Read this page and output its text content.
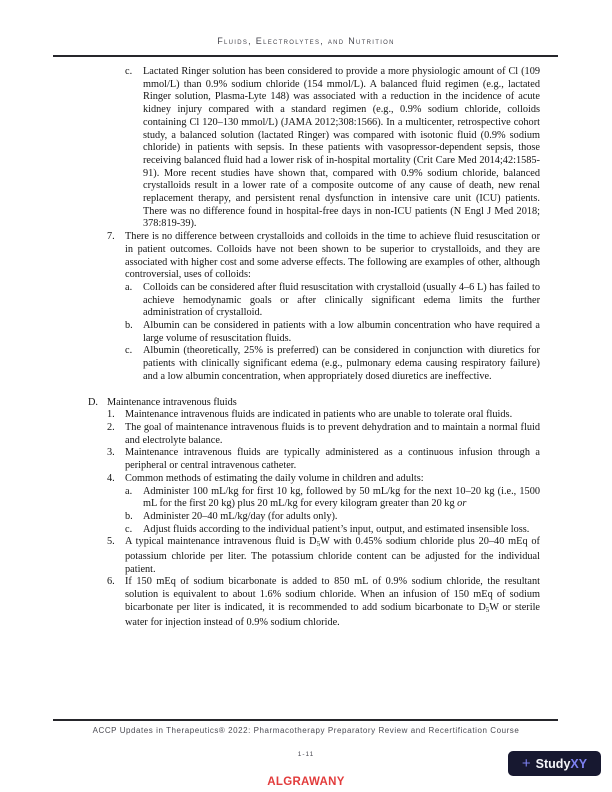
Fluids, Electrolytes, and Nutrition
c. Lactated Ringer solution has been considered to provide a more physiologic amount of Cl (109 mmol/L) than 0.9% sodium chloride (154 mmol/L). A balanced fluid regimen (e.g., lactated Ringer solution, Plasma-Lyte 148) was associated with a reduction in the incidence of acute kidney injury compared with a standard regimen (e.g., 0.9% sodium chloride, colloids containing Cl 120–130 mmol/L) (JAMA 2012;308:1566). In a multicenter, retrospective cohort study, a balanced solution (lactated Ringer) was compared with isotonic fluid (0.9% sodium chloride) in patients with sepsis. In these patients with vasopressor-dependent sepsis, those receiving balanced fluid had a lower risk of in-hospital mortality (Crit Care Med 2014;42:1585-91). More recent studies have shown that, compared with 0.9% sodium chloride, balanced crystalloids result in a lower rate of a composite outcome of any cause of death, new renal replacement therapy, and persistent renal dysfunction in intensive care unit (ICU) patients. There was no difference found in hospital-free days in non-ICU patients (N Engl J Med 2018; 378:819-39).
7. There is no difference between crystalloids and colloids in the time to achieve fluid resuscitation or in patient outcomes. Colloids have not been shown to be superior to crystalloids, and they are associated with higher cost and some adverse effects. The following are examples of other, although controversial, uses of colloids:
a. Colloids can be considered after fluid resuscitation with crystalloid (usually 4–6 L) has failed to achieve hemodynamic goals or after clinically significant edema limits the further administration of crystalloid.
b. Albumin can be considered in patients with a low albumin concentration who have required a large volume of resuscitation fluids.
c. Albumin (theoretically, 25% is preferred) can be considered in conjunction with diuretics for patients with clinically significant edema (e.g., pulmonary edema causing respiratory failure) and a low albumin concentration, when appropriately dosed diuretics are ineffective.
D. Maintenance intravenous fluids
1. Maintenance intravenous fluids are indicated in patients who are unable to tolerate oral fluids.
2. The goal of maintenance intravenous fluids is to prevent dehydration and to maintain a normal fluid and electrolyte balance.
3. Maintenance intravenous fluids are typically administered as a continuous infusion through a peripheral or central intravenous catheter.
4. Common methods of estimating the daily volume in children and adults:
a. Administer 100 mL/kg for first 10 kg, followed by 50 mL/kg for the next 10–20 kg (i.e., 1500 mL for the first 20 kg) plus 20 mL/kg for every kilogram greater than 20 kg or
b. Administer 20–40 mL/kg/day (for adults only).
c. Adjust fluids according to the individual patient’s input, output, and estimated insensible loss.
5. A typical maintenance intravenous fluid is D5W with 0.45% sodium chloride plus 20–40 mEq of potassium chloride per liter. The potassium chloride content can be adjusted for the individual patient.
6. If 150 mEq of sodium bicarbonate is added to 850 mL of 0.9% sodium chloride, the resultant solution is equivalent to about 1.6% sodium chloride. When an infusion of 150 mEq of sodium bicarbonate per liter is indicated, it is recommended to add sodium bicarbonate to D5W or sterile water for injection instead of 0.9% sodium chloride.
ACCP Updates in Therapeutics® 2022: Pharmacotherapy Preparatory Review and Recertification Course
1-11
ALGRAWANY
+ StudyXY
